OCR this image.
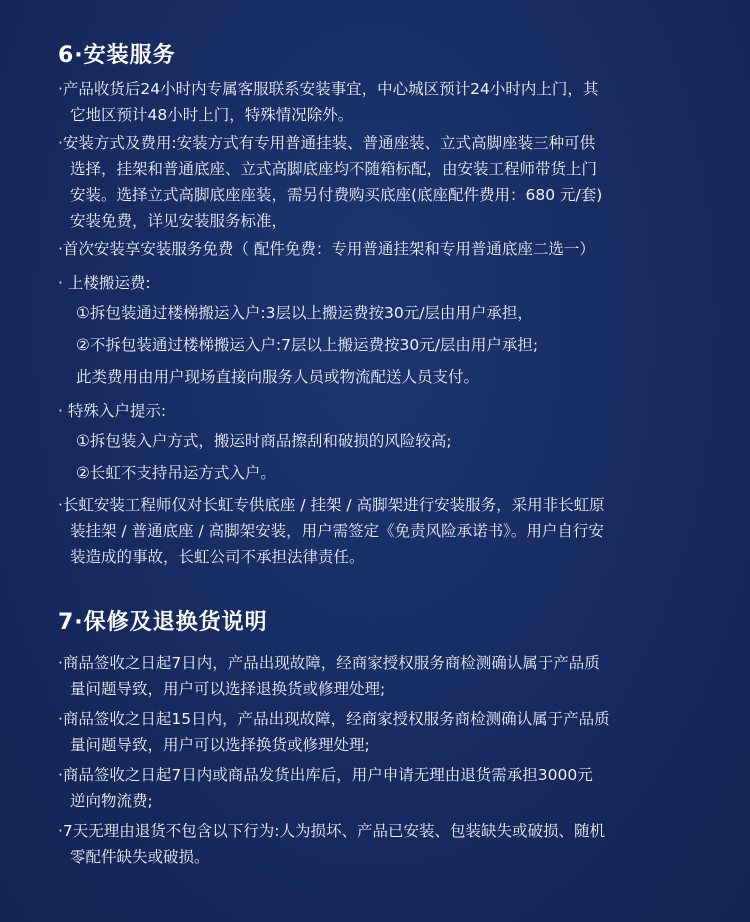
6·安装服务
·产品收货后24小时内专属客服联系安装事宜，中心城区预计24小时内上门，其
它地区预计48小时上门，特殊情况除外。
·安装方式及费用:安装方式有专用普通挂装、普通座装、立式高脚座装三种可供
选择，挂架和普通底座、立式高脚底座均不随箱标配，由安装工程师带货上门
安装。选择立式高脚底座座装，需另付费购买底座(底座配件费用：680 元/套)
安装免费，详见安装服务标准，
·首次安装享安装服务免费（ 配件免费：专用普通挂架和专用普通底座二选一）
· 上楼搬运费:
①拆包装通过楼梯搬运入户:3层以上搬运费按30元/层由用户承担，
②不拆包装通过楼梯搬运入户:7层以上搬运费按30元/层由用户承担;
此类费用由用户现场直接向服务人员或物流配送人员支付。
· 特殊入户提示:
①拆包装入户方式，搬运时商品擦刮和破损的风险较高;
②长虹不支持吊运方式入户。
·长虹安装工程师仅对长虹专供底座 / 挂架 / 高脚架进行安装服务，采用非长虹原
装挂架 / 普通底座 / 高脚架安装，用户需签定《免责风险承诺书》。用户自行安
装造成的事故，长虹公司不承担法律责任。
7·保修及退换货说明
·商品签收之日起7日内，产品出现故障，经商家授权服务商检测确认属于产品质
量问题导致，用户可以选择退换货或修理处理;
·商品签收之日起15日内，产品出现故障，经商家授权服务商检测确认属于产品质
量问题导致，用户可以选择换货或修理处理;
·商品签收之日起7日内或商品发货出库后，用户申请无理由退货需承担3000元
逆向物流费;
·7天无理由退货不包含以下行为:人为损坏、产品已安装、包装缺失或破损、随机
零配件缺失或破损。
